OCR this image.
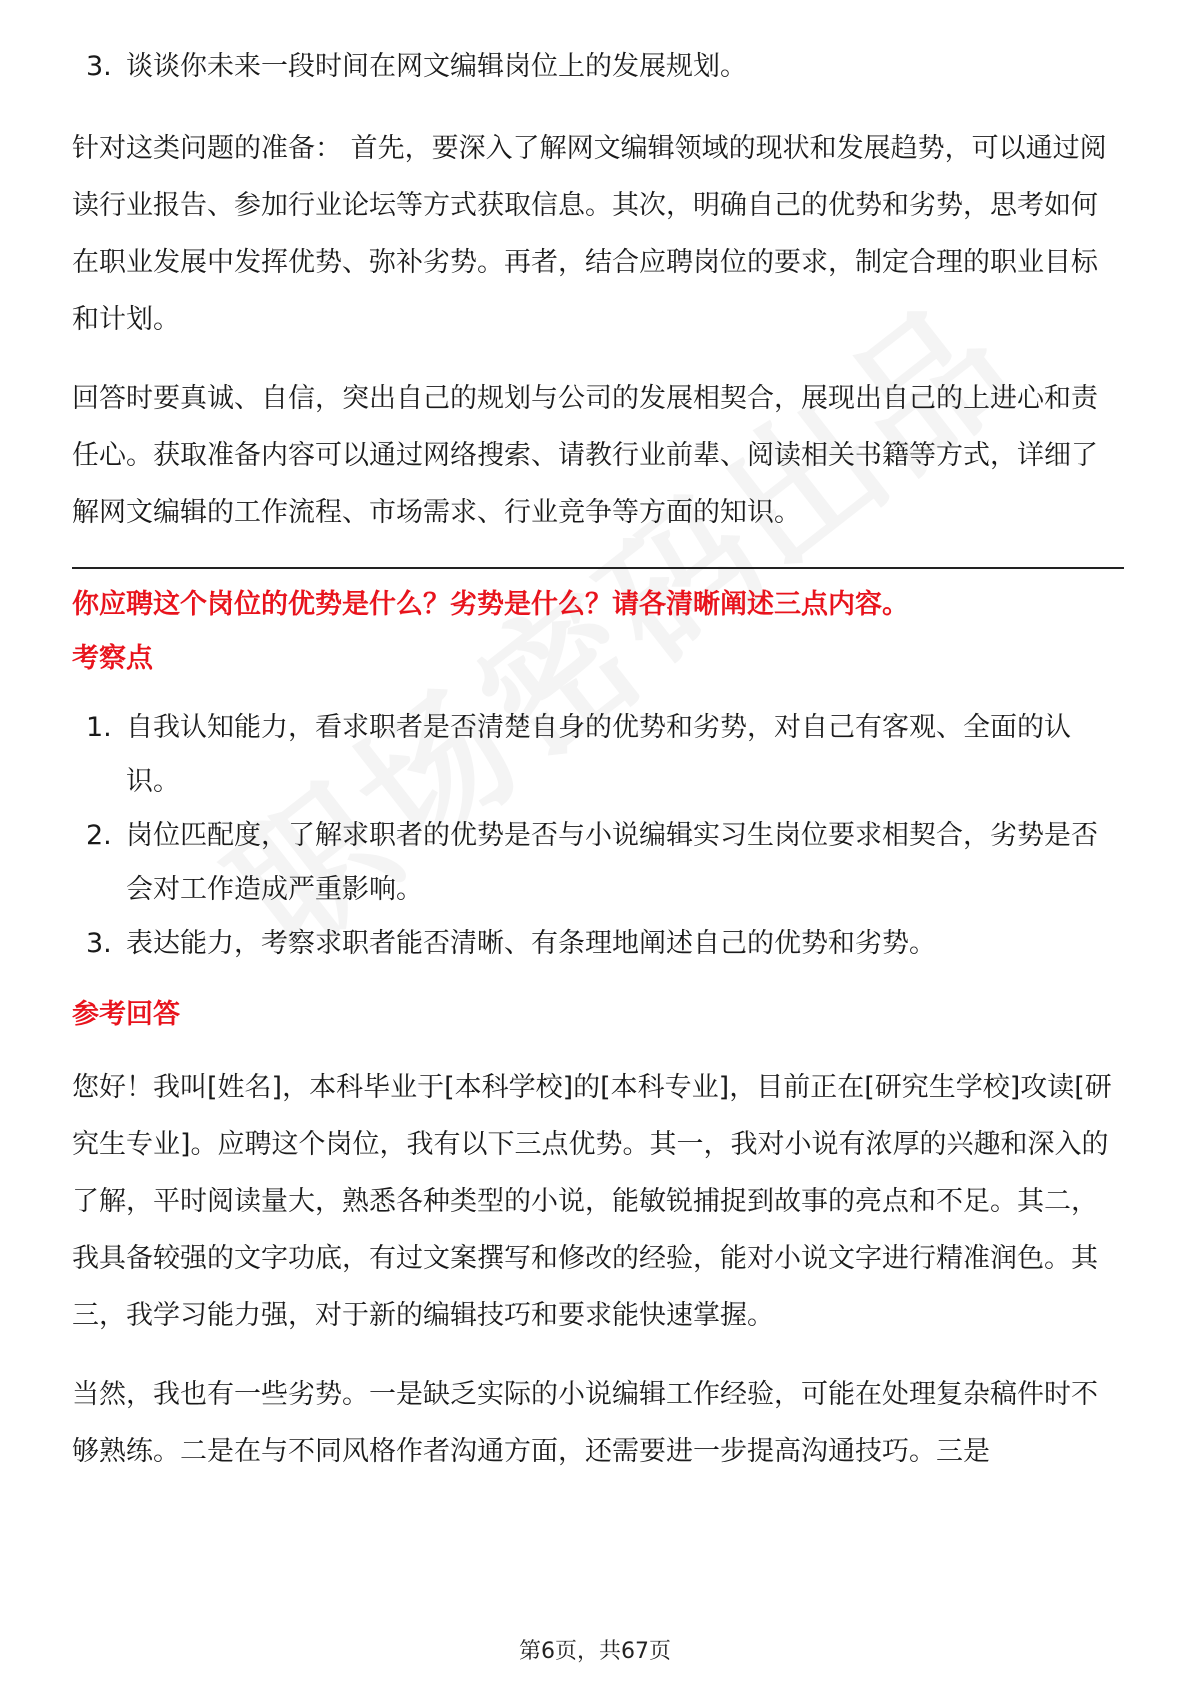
3. 谈谈你未来一段时间在网文编辑岗位上的发展规划。

针对这类问题的准备： 首先，要深入了解网文编辑领域的现状和发展趋势，可以通过阅读行业报告、参加行业论坛等方式获取信息。其次，明确自己的优势和劣势，思考如何在职业发展中发挥优势、弥补劣势。再者，结合应聘岗位的要求，制定合理的职业目标和计划。

回答时要真诚、自信，突出自己的规划与公司的发展相契合，展现出自己的上进心和责任心。获取准备内容可以通过网络搜索、请教行业前辈、阅读相关书籍等方式，详细了解网文编辑的工作流程、市场需求、行业竞争等方面的知识。

你应聘这个岗位的优势是什么？劣势是什么？请各清晰阐述三点内容。

考察点

1. 自我认知能力，看求职者是否清楚自身的优势和劣势，对自己有客观、全面的认识。
2. 岗位匹配度，了解求职者的优势是否与小说编辑实习生岗位要求相契合，劣势是否会对工作造成严重影响。
3. 表达能力，考察求职者能否清晰、有条理地阐述自己的优势和劣势。

参考回答

您好！我叫[姓名]，本科毕业于[本科学校]的[本科专业]，目前正在[研究生学校]攻读[研究生专业]。应聘这个岗位，我有以下三点优势。其一，我对小说有浓厚的兴趣和深入的了解，平时阅读量大，熟悉各种类型的小说，能敏锐捕捉到故事的亮点和不足。其二，我具备较强的文字功底，有过文案撰写和修改的经验，能对小说文字进行精准润色。其三，我学习能力强，对于新的编辑技巧和要求能快速掌握。

当然，我也有一些劣势。一是缺乏实际的小说编辑工作经验，可能在处理复杂稿件时不够熟练。二是在与不同风格作者沟通方面，还需要进一步提高沟通技巧。三是

第6页，共67页
